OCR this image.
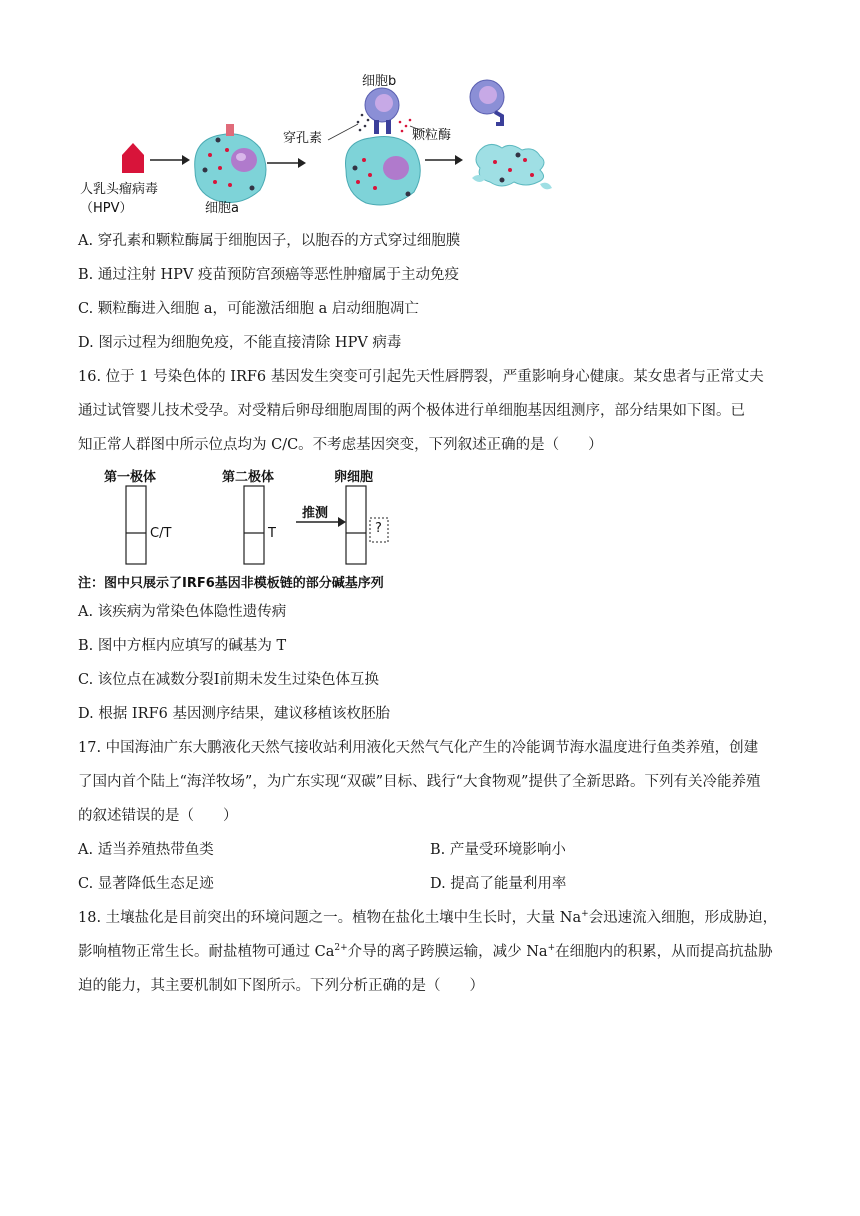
人乳头瘤病毒
（HPV）	细胞a
细胞b
穿孔素	颗粒酶
A. 穿孔素和颗粒酶属于细胞因子，以胞吞的方式穿过细胞膜
B. 通过注射 HPV 疫苗预防宫颈癌等恶性肿瘤属于主动免疫
C. 颗粒酶进入细胞 a，可能激活细胞 a 启动细胞凋亡
D. 图示过程为细胞免疫，不能直接清除 HPV 病毒
16. 位于 1 号染色体的 IRF6 基因发生突变可引起先天性唇腭裂，严重影响身心健康。某女患者与正常丈夫
通过试管婴儿技术受孕。对受精后卵母细胞周围的两个极体进行单细胞基因组测序，部分结果如下图。已
知正常人群图中所示位点均为 C/C。不考虑基因突变，下列叙述正确的是（　　）
第一极体	第二极体	卵细胞
C/T	T
推测
?
注：图中只展示了IRF6基因非模板链的部分碱基序列
A. 该疾病为常染色体隐性遗传病
B. 图中方框内应填写的碱基为 T
C. 该位点在减数分裂Ⅰ前期未发生过染色体互换
D. 根据 IRF6 基因测序结果，建议移植该枚胚胎
17. 中国海油广东大鹏液化天然气接收站利用液化天然气气化产生的冷能调节海水温度进行鱼类养殖，创建
了国内首个陆上“海洋牧场”，为广东实现“双碳”目标、践行“大食物观”提供了全新思路。下列有关冷能养殖
的叙述错误的是（　　）
A. 适当养殖热带鱼类	B. 产量受环境影响小
C. 显著降低生态足迹	D. 提高了能量利用率
18. 土壤盐化是目前突出的环境问题之一。植物在盐化土壤中生长时，大量 Na+会迅速流入细胞，形成胁迫，
影响植物正常生长。耐盐植物可通过 $Ca^{2+}$介导的离子跨膜运输，减少 Na+在细胞内的积累，从而提高抗盐胁
迫的能力，其主要机制如下图所示。下列分析正确的是（　　）
